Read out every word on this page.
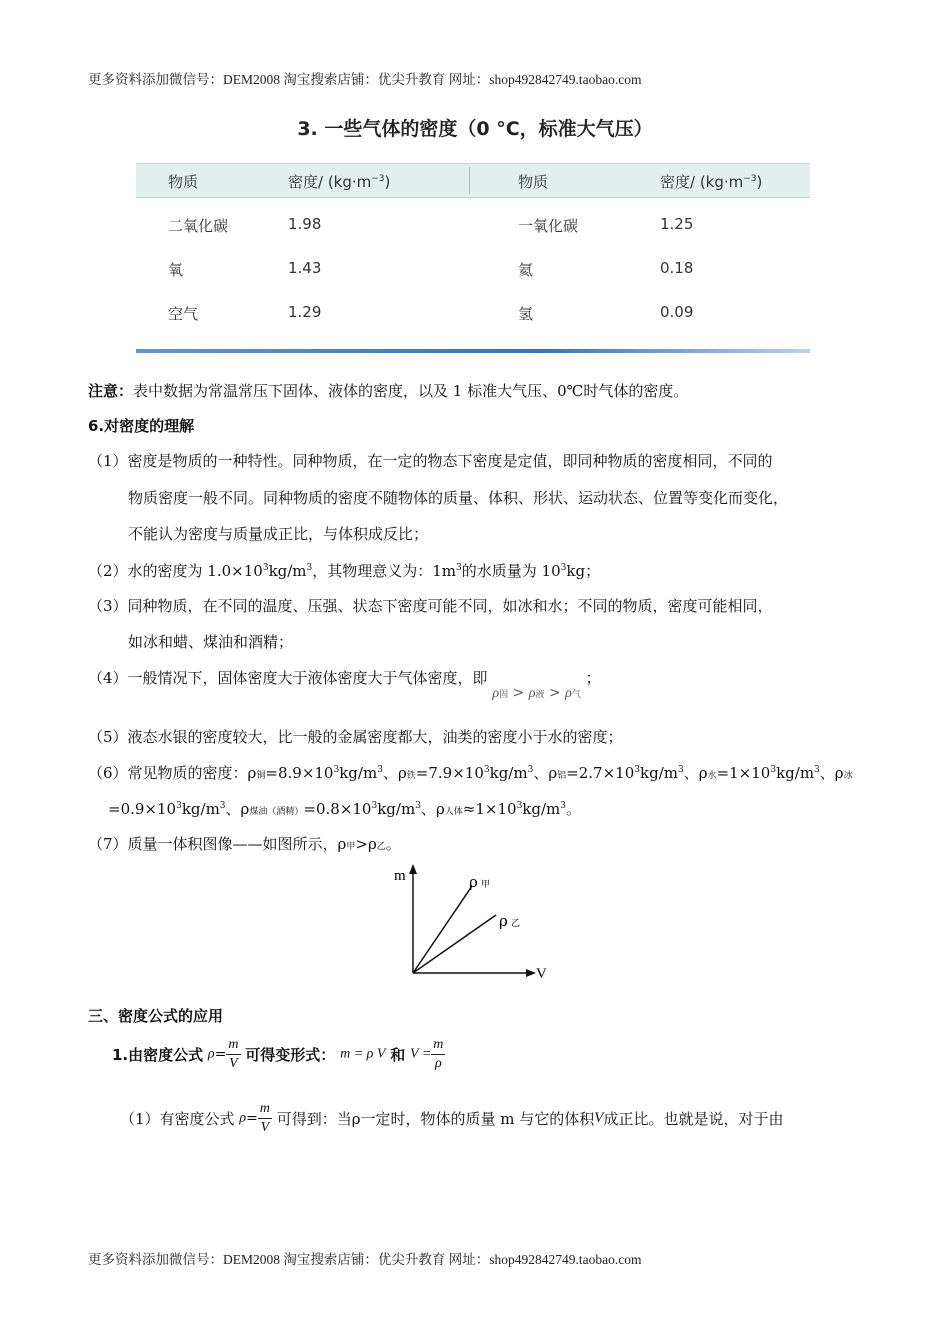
更多资料添加微信号：DEM2008 淘宝搜索店铺：优尖升教育 网址：shop492842749.taobao.com
3. 一些气体的密度（0 °C，标准大气压）
物质	密度/ $(kg\cdot m^{-3})$	物质	密度/ $(kg\cdot m^{-3})$
二氧化碳	1.98	一氧化碳	1.25
氧	1.43	氦	0.18
空气	1.29	氢	0.09
注意：表中数据为常温常压下固体、液体的密度，以及 1 标准大气压、0℃时气体的密度。
6.对密度的理解
（1）密度是物质的一种特性。同种物质，在一定的物态下密度是定值，即同种物质的密度相同，不同的
物质密度一般不同。同种物质的密度不随物体的质量、体积、形状、运动状态、位置等变化而变化，
不能认为密度与质量成正比，与体积成反比；
（2）水的密度为 $1.0\times 10^3kg/m^3$，其物理意义为：$1m^3$的水质量为 $10^3kg$；
（3）同种物质，在不同的温度、压强、状态下密度可能不同，如冰和水；不同的物质，密度可能相同，
如冰和蜡、煤油和酒精；
（4）一般情况下，固体密度大于液体密度大于气体密度，即 ρ固 > ρ液 > ρ气 ；
（5）液态水银的密度较大，比一般的金属密度都大，油类的密度小于水的密度；
（6）常见物质的密度：ρ铜$=8.9\times 10^3kg/m^3$、ρ铁$=7.9\times 10^3kg/m^3$、ρ铝$=2.7\times 10^3kg/m^3$、ρ水$=1\times 10^3kg/m^3$、ρ冰
$=0.9\times 10^3kg/m^3$、ρ煤油（酒精）$=0.8\times 10^3kg/m^3$、ρ人体$\approx 1\times 10^3kg/m^3$。
（7）质量一体积图像——如图所示，ρ甲>ρ乙。
m
V
ρ 甲
ρ 乙
三、密度公式的应用
1.由密度公式 $\rho= \frac{m}{V}$ 可得变形式： m = ρ V 和 $V = \frac{m}{\rho}$
（1）有密度公式 $\rho= \frac{m}{V}$ 可得到：当ρ一定时，物体的质量 m 与它的体积V成正比。也就是说，对于由
更多资料添加微信号：DEM2008 淘宝搜索店铺：优尖升教育 网址：shop492842749.taobao.com
